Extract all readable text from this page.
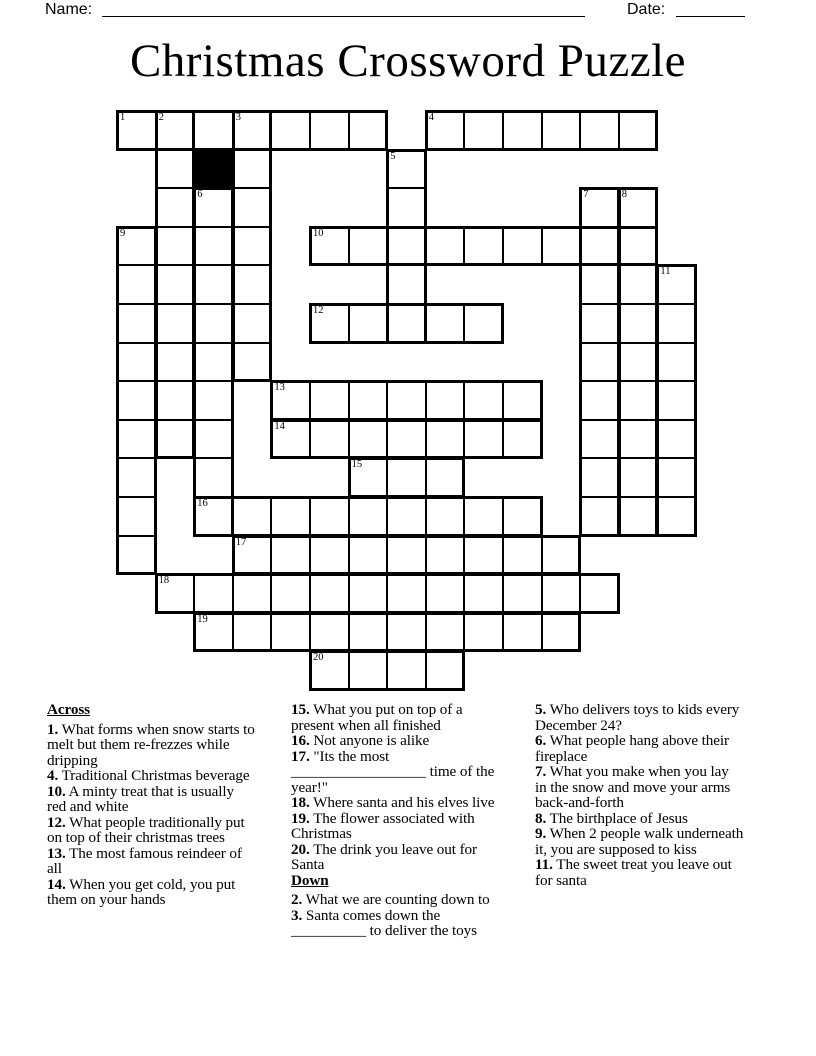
Name:	Date:
Christmas Crossword Puzzle
1	2	3	4
5
6
16
7	8
9	10
11
12
13
14
15
17
18
19
20
Across
1. What forms when snow starts to melt but them re-frezzes while dripping
4. Traditional Christmas beverage
10. A minty treat that is usually red and white
12. What people traditionally put on top of their christmas trees
13. The most famous reindeer of all
14. When you get cold, you put them on your hands
15. What you put on top of a present when all finished
16. Not anyone is alike
17. "Its the most __________________ time of the year!"
18. Where santa and his elves live
19. The flower associated with Christmas
20. The drink you leave out for Santa
Down
2. What we are counting down to
3. Santa comes down the __________ to deliver the toys
5. Who delivers toys to kids every December 24?
6. What people hang above their fireplace
7. What you make when you lay in the snow and move your arms back-and-forth
8. The birthplace of Jesus
9. When 2 people walk underneath it, you are supposed to kiss
11. The sweet treat you leave out for santa
